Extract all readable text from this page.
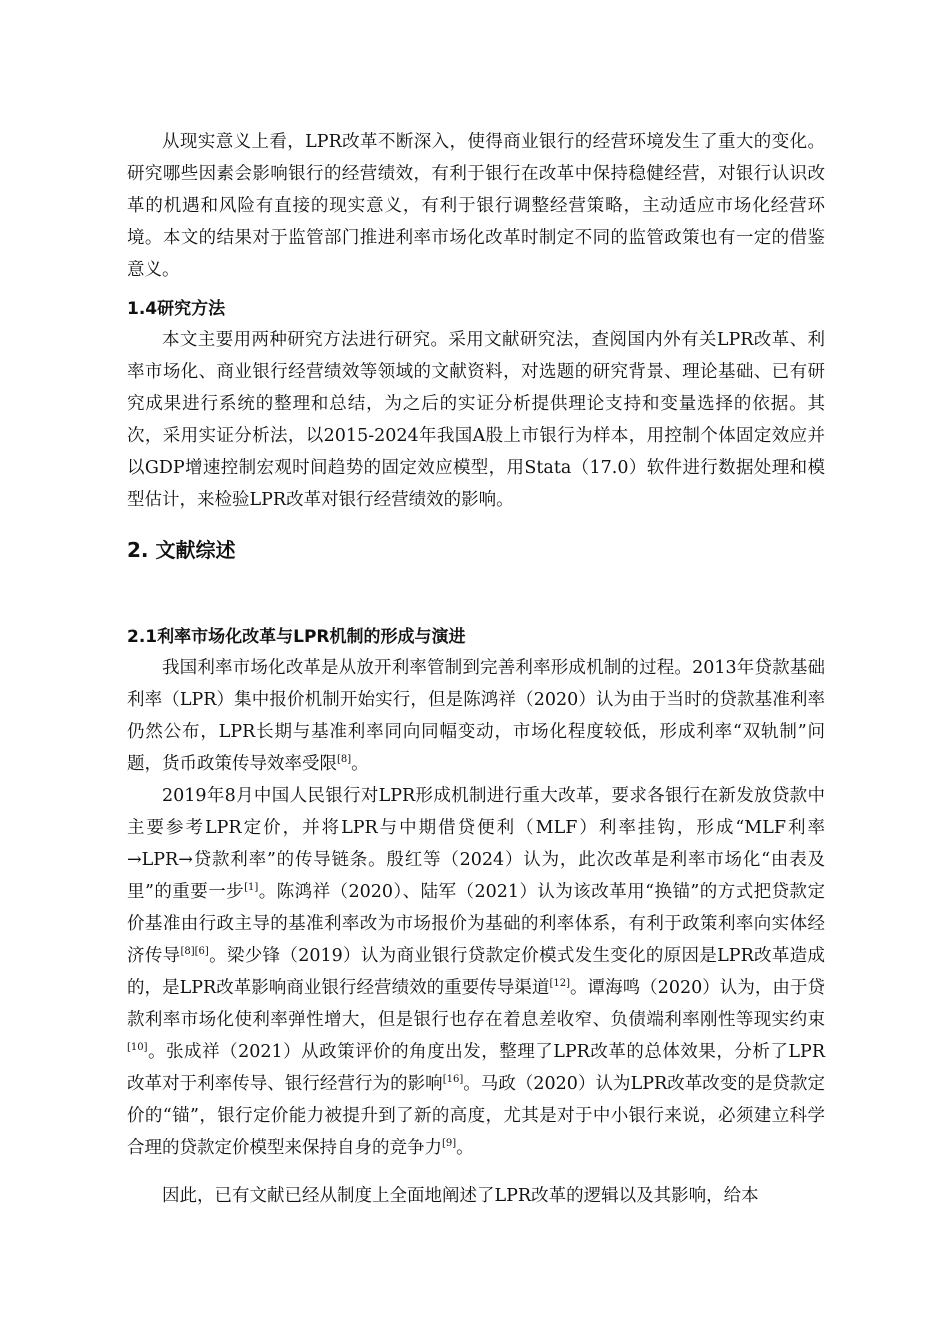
从现实意义上看，LPR改革不断深入，使得商业银行的经营环境发生了重大的变化。研究哪些因素会影响银行的经营绩效，有利于银行在改革中保持稳健经营，对银行认识改革的机遇和风险有直接的现实意义，有利于银行调整经营策略，主动适应市场化经营环境。本文的结果对于监管部门推进利率市场化改革时制定不同的监管政策也有一定的借鉴意义。

1.4研究方法

本文主要用两种研究方法进行研究。采用文献研究法，查阅国内外有关LPR改革、利率市场化、商业银行经营绩效等领域的文献资料，对选题的研究背景、理论基础、已有研究成果进行系统的整理和总结，为之后的实证分析提供理论支持和变量选择的依据。其次，采用实证分析法，以2015-2024年我国A股上市银行为样本，用控制个体固定效应并以GDP增速控制宏观时间趋势的固定效应模型，用Stata（17.0）软件进行数据处理和模型估计，来检验LPR改革对银行经营绩效的影响。

2. 文献综述
2.1利率市场化改革与LPR机制的形成与演进

我国利率市场化改革是从放开利率管制到完善利率形成机制的过程。2013年贷款基础利率（LPR）集中报价机制开始实行，但是陈鸿祥（2020）认为由于当时的贷款基准利率仍然公布，LPR长期与基准利率同向同幅变动，市场化程度较低，形成利率“双轨制”问题，货币政策传导效率受限[8]。

2019年8月中国人民银行对LPR形成机制进行重大改革，要求各银行在新发放贷款中主要参考LPR定价，并将LPR与中期借贷便利（MLF）利率挂钩，形成“MLF利率→LPR→贷款利率”的传导链条。殷红等（2024）认为，此次改革是利率市场化“由表及里”的重要一步[1]。陈鸿祥（2020）、陆军（2021）认为该改革用“换锚”的方式把贷款定价基准由行政主导的基准利率改为市场报价为基础的利率体系，有利于政策利率向实体经济传导[8][6]。梁少锋（2019）认为商业银行贷款定价模式发生变化的原因是LPR改革造成的，是LPR改革影响商业银行经营绩效的重要传导渠道[12]。谭海鸣（2020）认为，由于贷款利率市场化使利率弹性增大，但是银行也存在着息差收窄、负债端利率刚性等现实约束[10]。张成祥（2021）从政策评价的角度出发，整理了LPR改革的总体效果，分析了LPR改革对于利率传导、银行经营行为的影响[16]。马政（2020）认为LPR改革改变的是贷款定价的“锚”，银行定价能力被提升到了新的高度，尤其是对于中小银行来说，必须建立科学合理的贷款定价模型来保持自身的竞争力[9]。

因此，已有文献已经从制度上全面地阐述了LPR改革的逻辑以及其影响，给本
